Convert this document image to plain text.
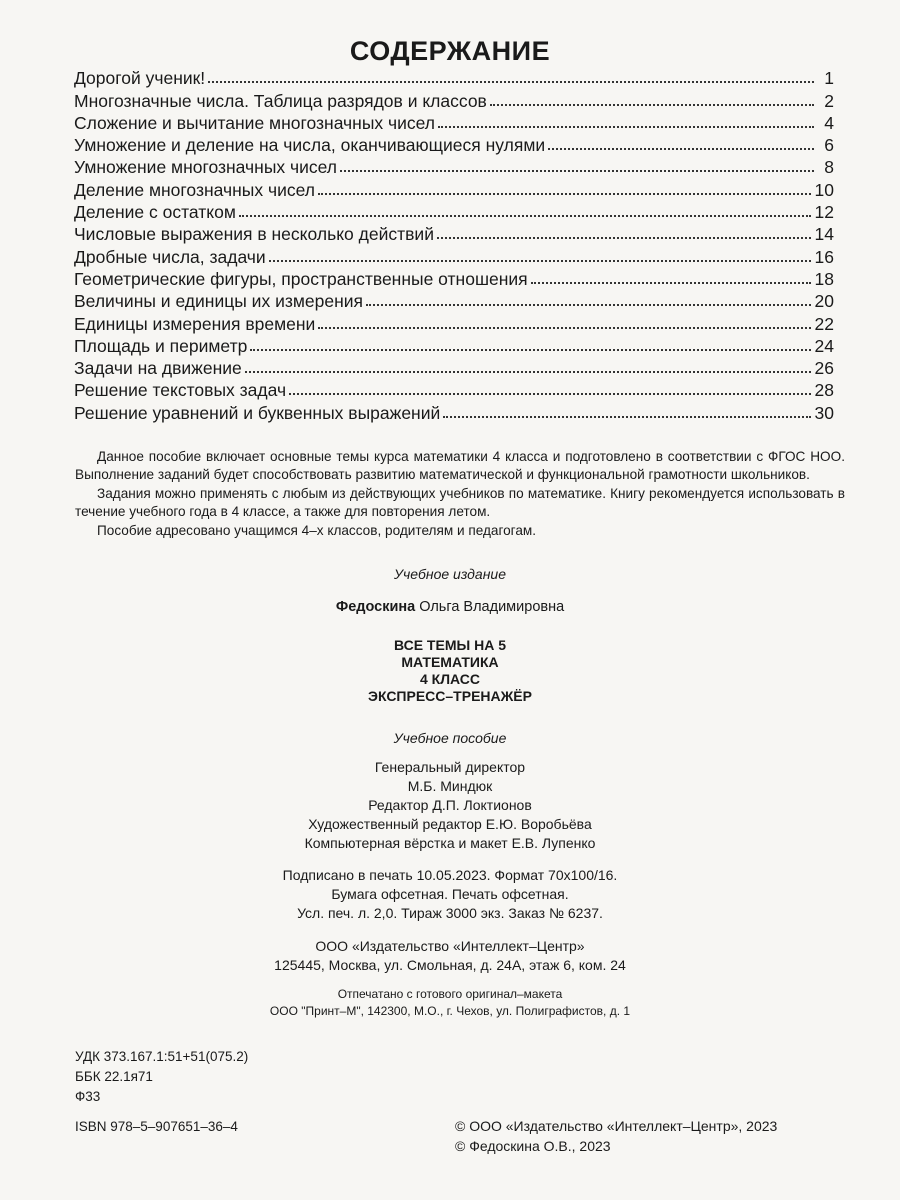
СОДЕРЖАНИЕ
Дорогой ученик!	1
Многозначные числа. Таблица разрядов и классов	2
Сложение и вычитание многозначных чисел	4
Умножение и деление на числа, оканчивающиеся нулями	6
Умножение многозначных чисел	8
Деление многозначных чисел	10
Деление с остатком	12
Числовые выражения в несколько действий	14
Дробные числа, задачи	16
Геометрические фигуры, пространственные отношения	18
Величины и единицы их измерения	20
Единицы измерения времени	22
Площадь и периметр	24
Задачи на движение	26
Решение текстовых задач	28
Решение уравнений и буквенных выражений	30

Данное пособие включает основные темы курса математики 4 класса и подготовлено в соответствии с ФГОС НОО. Выполнение заданий будет способствовать развитию математической и функциональной грамотности школьников.

Задания можно применять с любым из действующих учебников по математике. Книгу рекомендуется использовать в течение учебного года в 4 классе, а также для повторения летом.

Пособие адресовано учащимся 4–х классов, родителям и педагогам.

Учебное издание
Федоскина Ольга Владимировна
ВСЕ ТЕМЫ НА 5
МАТЕМАТИКА
4 КЛАСС
ЭКСПРЕСС–ТРЕНАЖЁР
Учебное пособие
Генеральный директор
М.Б. Миндюк
Редактор Д.П. Локтионов
Художественный редактор Е.Ю. Воробьёва
Компьютерная вёрстка и макет Е.В. Лупенко
Подписано в печать 10.05.2023. Формат 70х100/16.
Бумага офсетная. Печать офсетная.
Усл. печ. л. 2,0. Тираж 3000 экз. Заказ № 6237.
ООО «Издательство «Интеллект–Центр»
125445, Москва, ул. Смольная, д. 24А, этаж 6, ком. 24
Отпечатано с готового оригинал–макета
ООО "Принт–М", 142300, М.О., г. Чехов, ул. Полиграфистов, д. 1
УДК 373.167.1:51+51(075.2)
ББК 22.1я71
Ф33
ISBN 978–5–907651–36–4	© ООО «Издательство «Интеллект–Центр», 2023
© Федоскина О.В., 2023
